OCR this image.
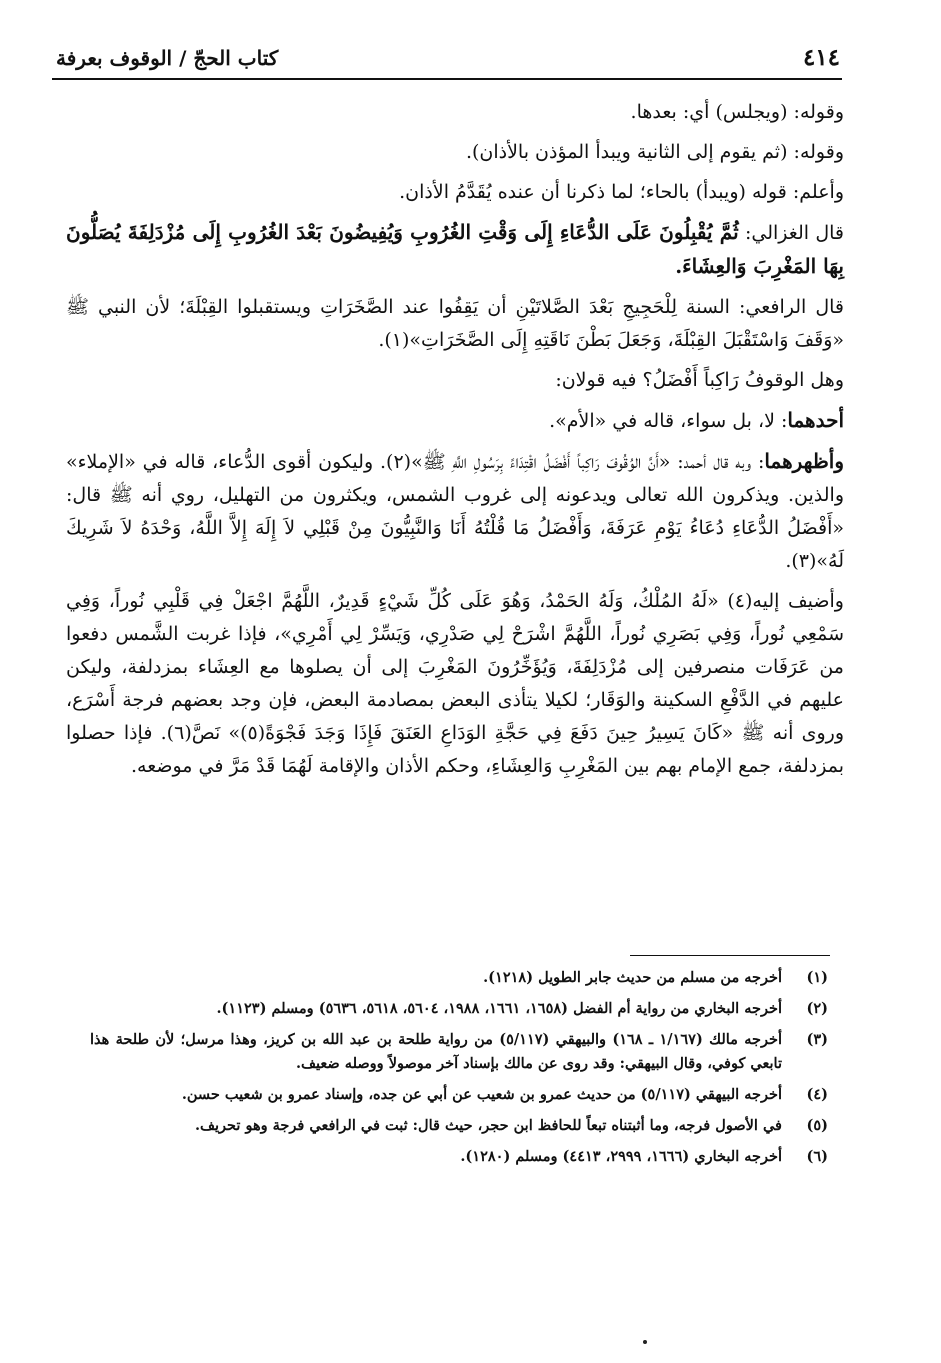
٤١٤
كتاب الحجّ / الوقوف بعرفة

وقوله: (ويجلس) أي: بعدها.

وقوله: (ثم يقوم إلى الثانية ويبدأ المؤذن بالأذان).

وأعلم: قوله (ويبدأ) بالحاء؛ لما ذكرنا أن عنده يُقَدَّمُ الأذان.

قال الغزالي: ثُمَّ يُقْبِلُونَ عَلَى الدُّعَاءِ إِلَى وَقْتِ الغُرُوبِ وَيُفِيضُونَ بَعْدَ الغُرُوبِ إِلَى مُزْدَلِفَةَ يُصَلُّونَ بِهَا المَغْرِبَ وَالعِشَاءَ.

قال الرافعي: السنة لِلْحَجِيجِ بَعْدَ الصَّلاتَيْنِ أن يَقِفُوا عند الصَّخَرَاتِ ويستقبلوا القِبْلَةَ؛ لأن النبي ﷺ «وَقَفَ وَاسْتَقْبَلَ القِبْلَةَ، وَجَعَلَ بَطْنَ نَاقَتِهِ إِلَى الصَّخَرَاتِ»(١).

وهل الوقوفُ رَاكِباً أَفْضَلُ؟ فيه قولان:

أحدهما: لا، بل سواء، قاله في «الأم».

وأظهرهما: وبه قال أحمد: «أَنَّ الوُقُوفَ رَاكِباً أَفْضَلُ اقْتِدَاءً بِرَسُولِ اللَّهِ ﷺ»(٢). وليكون أقوى الدُّعاء، قاله في «الإملاء» والذين. ويذكرون الله تعالى ويدعونه إلى غروب الشمس، ويكثرون من التهليل، روي أنه ﷺ قال: «أَفْضَلُ الدُّعَاءِ دُعَاءُ يَوْمِ عَرَفَةَ، وَأَفْضَلُ مَا قُلْتُهُ أَنَا وَالنَّبِيُّونَ مِنْ قَبْلِي لاَ إِلَهَ إِلاَّ اللَّهُ، وَحْدَهُ لاَ شَرِيكَ لَهُ»(٣).

وأضيف إليه(٤) «لَهُ المُلْكُ، وَلَهُ الحَمْدُ، وَهُوَ عَلَى كُلِّ شَيْءٍ قَدِيرٌ، اللَّهُمَّ اجْعَلْ فِي قَلْبِي نُوراً، وَفِي سَمْعِي نُوراً، وَفِي بَصَرِي نُوراً، اللَّهُمَّ اشْرَحْ لِي صَدْرِي، وَيَسِّرْ لِي أَمْرِي»، فإذا غربت الشَّمس دفعوا من عَرَفَات منصرفين إلى مُزْدَلِفَةَ، وَيُؤَخِّرُونَ المَغْرِبَ إلى أن يصلوها مع العِشَاء بمزدلفة، وليكن عليهم في الدَّفْعِ السكينة والوَقَار؛ لكيلا يتأذى البعض بمصادمة البعض، فإن وجد بعضهم فرجة أَسْرَع، وروى أنه ﷺ «كَانَ يَسِيرُ حِينَ دَفَعَ فِي حَجَّةِ الوَدَاعِ العَنَقَ فَإِذَا وَجَدَ فَجْوَةً(٥)» نَصَّ(٦). فإذا حصلوا بمزدلفة، جمع الإمام بهم بين المَغْرِبِ وَالعِشَاءِ، وحكم الأذان والإقامة لَهُمَا قَدْ مَرَّ في موضعه.

(١)
أخرجه من مسلم من حديث جابر الطويل (١٢١٨).
(٢)
أخرجه البخاري من رواية أم الفضل (١٦٥٨، ١٦٦١، ١٩٨٨، ٥٦٠٤، ٥٦١٨، ٥٦٣٦) ومسلم (١١٢٣).
(٣)
أخرجه مالك (١/١٦٧ ـ ١٦٨) والبيهقي (٥/١١٧) من رواية طلحة بن عبد الله بن كريز، وهذا مرسل؛ لأن طلحة هذا تابعي كوفي، وقال البيهقي: وقد روى عن مالك بإسناد آخر موصولاً ووصله ضعيف.
(٤)
أخرجه البيهقي (٥/١١٧) من حديث عمرو بن شعيب عن أبي عن جده، وإسناد عمرو بن شعيب حسن.
(٥)
في الأصول فرجه، وما أثبتناه تبعاً للحافظ ابن حجر، حيث قال: ثبت في الرافعي فرجة وهو تحريف.
(٦)
أخرجه البخاري (١٦٦٦، ٢٩٩٩، ٤٤١٣) ومسلم (١٢٨٠).
